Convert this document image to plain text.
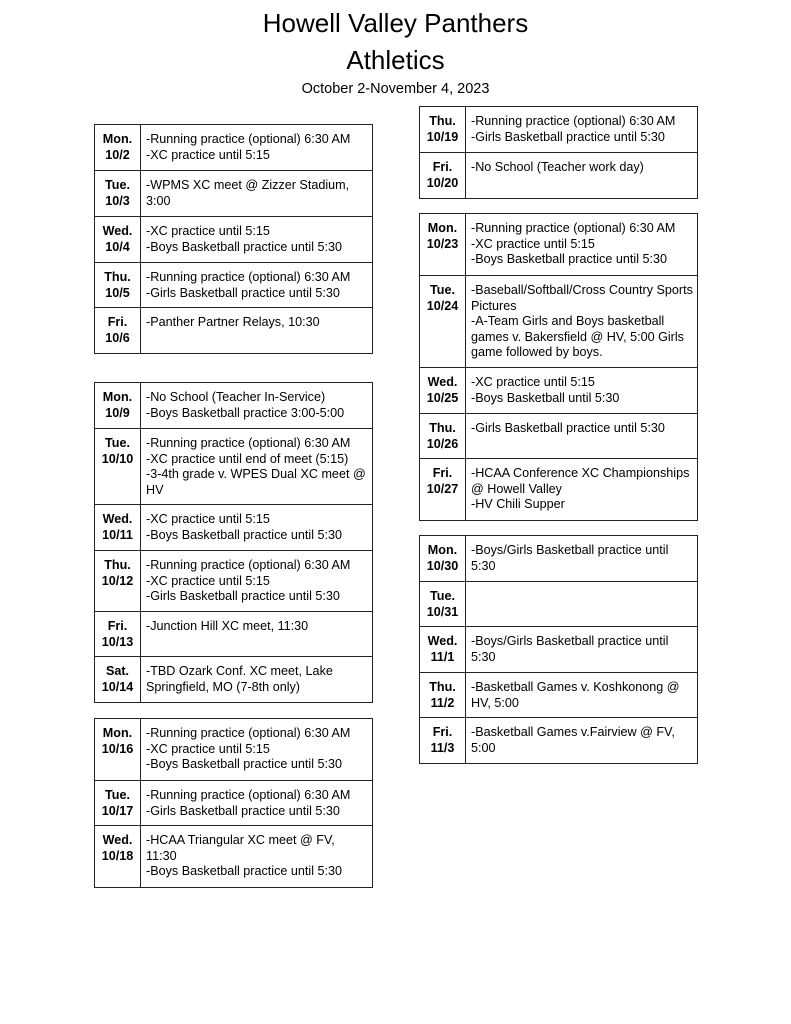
Howell Valley Panthers
Athletics
October 2-November 4, 2023
Mon.
10/2	-Running practice (optional) 6:30 AM
-XC practice until 5:15

Tue.
10/3	-WPMS XC meet @ Zizzer Stadium, 3:00

Wed.
10/4	-XC practice until 5:15
-Boys Basketball practice until 5:30

Thu.
10/5	-Running practice (optional) 6:30 AM
-Girls Basketball practice until 5:30

Fri.
10/6	-Panther Partner Relays, 10:30
Mon.
10/9	-No School (Teacher In-Service)
-Boys Basketball practice 3:00-5:00

Tue.
10/10	-Running practice (optional) 6:30 AM
-XC practice until end of meet (5:15)
-3-4th grade v. WPES Dual XC meet @ HV

Wed.
10/11	-XC practice until 5:15
-Boys Basketball practice until 5:30

Thu.
10/12	-Running practice (optional) 6:30 AM
-XC practice until 5:15
-Girls Basketball practice until 5:30

Fri.
10/13	-Junction Hill XC meet, 11:30

Sat.
10/14	-TBD Ozark Conf. XC meet, Lake Springfield, MO (7-8th only)
Mon.
10/16	-Running practice (optional) 6:30 AM
-XC practice until 5:15
-Boys Basketball practice until 5:30

Tue.
10/17	-Running practice (optional) 6:30 AM
-Girls Basketball practice until 5:30

Wed.
10/18	-HCAA Triangular XC meet @ FV, 11:30
-Boys Basketball practice until 5:30
Thu.
10/19	-Running practice (optional) 6:30 AM
-Girls Basketball practice until 5:30

Fri.
10/20	-No School (Teacher work day)
Mon.
10/23	-Running practice (optional) 6:30 AM
-XC practice until 5:15
-Boys Basketball practice until 5:30

Tue.
10/24	-Baseball/Softball/Cross Country Sports Pictures
-A-Team Girls and Boys basketball games v. Bakersfield @ HV, 5:00 Girls game followed by boys.

Wed.
10/25	-XC practice until 5:15
-Boys Basketball until 5:30

Thu.
10/26	-Girls Basketball practice until 5:30

Fri.
10/27	-HCAA Conference XC Championships @ Howell Valley
-HV Chili Supper
Mon.
10/30	-Boys/Girls Basketball practice until 5:30

Tue.
10/31	
Wed.
11/1	-Boys/Girls Basketball practice until 5:30

Thu.
11/2	-Basketball Games v. Koshkonong @ HV, 5:00

Fri.
11/3	-Basketball Games v.Fairview @ FV, 5:00
